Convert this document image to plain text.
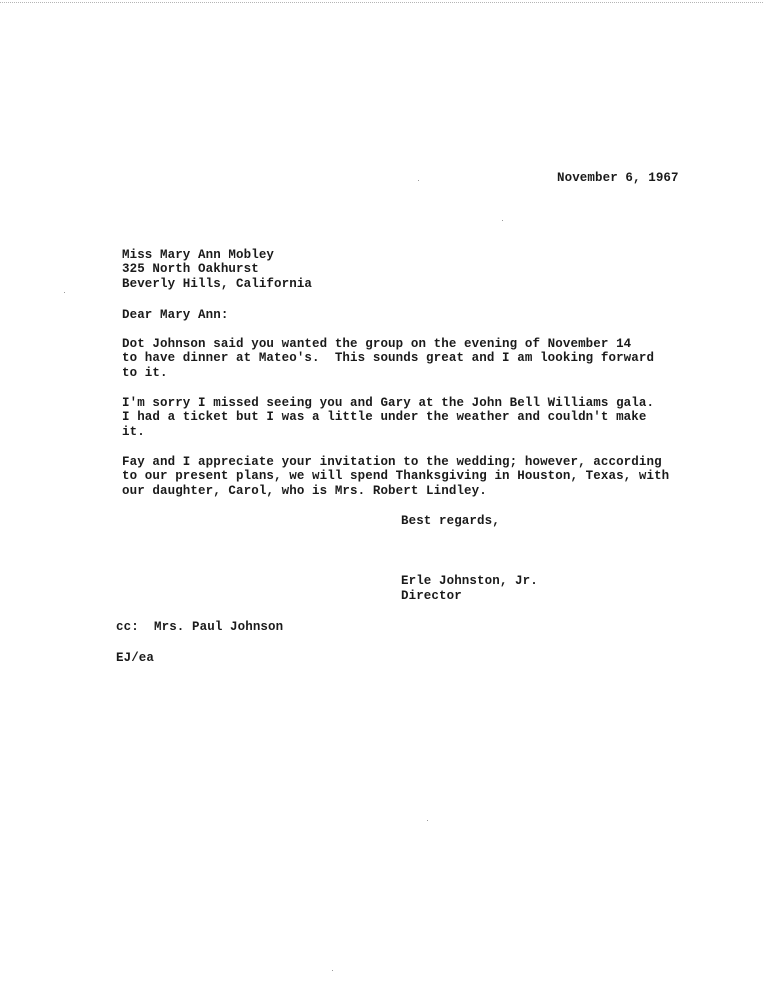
November 6, 1967
Miss Mary Ann Mobley
325 North Oakhurst
Beverly Hills, California
Dear Mary Ann:
Dot Johnson said you wanted the group on the evening of November 14
to have dinner at Mateo's.  This sounds great and I am looking forward
to it.
I'm sorry I missed seeing you and Gary at the John Bell Williams gala.
I had a ticket but I was a little under the weather and couldn't make
it.
Fay and I appreciate your invitation to the wedding; however, according
to our present plans, we will spend Thanksgiving in Houston, Texas, with
our daughter, Carol, who is Mrs. Robert Lindley.
Best regards,
Erle Johnston, Jr.
Director
cc:  Mrs. Paul Johnson
EJ/ea
